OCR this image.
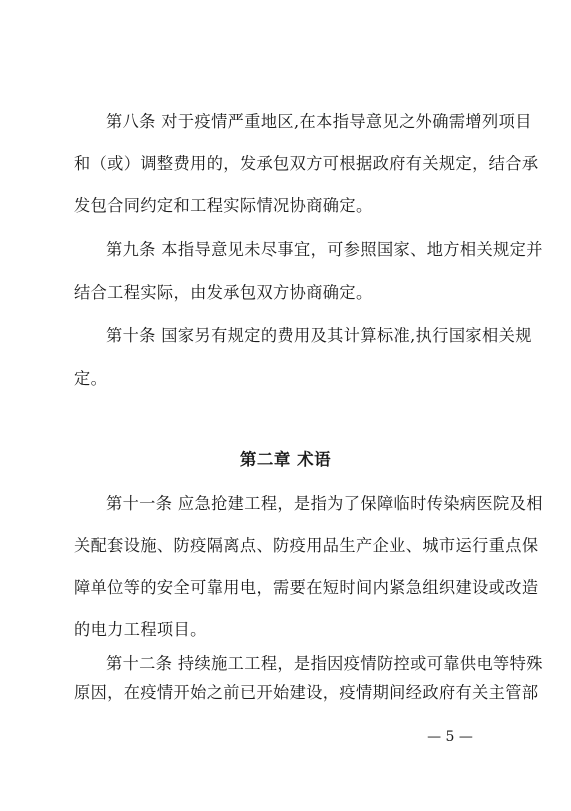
第八条 对于疫情严重地区,在本指导意见之外确需增列项目
和（或）调整费用的，发承包双方可根据政府有关规定，结合承
发包合同约定和工程实际情况协商确定。
第九条 本指导意见未尽事宜，可参照国家、地方相关规定并
结合工程实际，由发承包双方协商确定。
第十条 国家另有规定的费用及其计算标准,执行国家相关规
定。
第二章 术语
第十一条 应急抢建工程，是指为了保障临时传染病医院及相
关配套设施、防疫隔离点、防疫用品生产企业、城市运行重点保
障单位等的安全可靠用电，需要在短时间内紧急组织建设或改造
的电力工程项目。
第十二条 持续施工工程，是指因疫情防控或可靠供电等特殊
原因，在疫情开始之前已开始建设，疫情期间经政府有关主管部
— 5 —
